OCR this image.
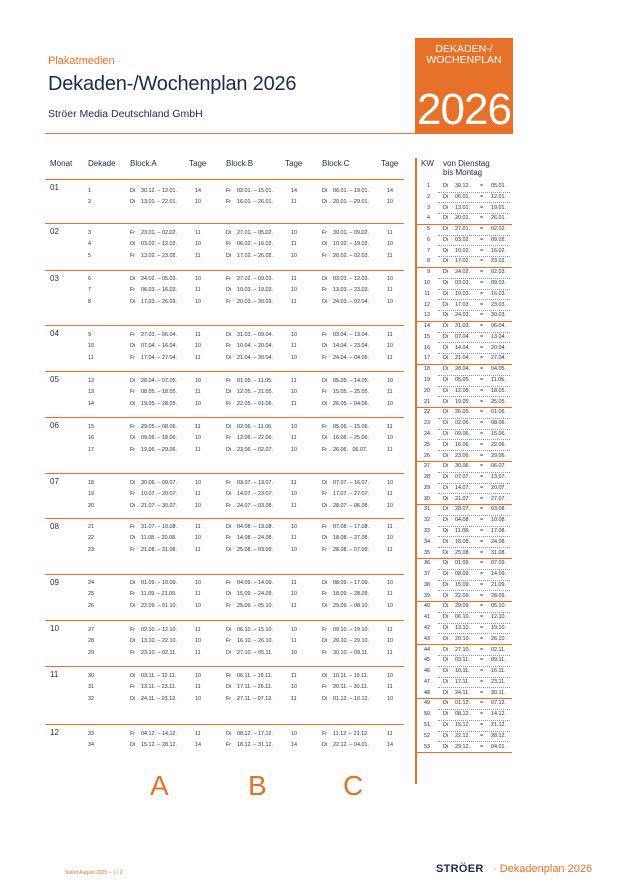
Plakatmedien
Dekaden-/Wochenplan 2026
Ströer Media Deutschland GmbH
DEKADEN-/
WOCHENPLAN
2026
Monat Dekade Block A	Tage Block B	Tage Block C	Tage	KW von Dienstag
bis Montag
01	1	Di 30.12. – 12.01.	14	Fr 02.01. – 15.01.	14	Di 06.01. – 19.01.	14
2	Di 13.01. – 22.01.	10	Fr 16.01. – 26.01.	11	Di 20.01. – 29.01.	10
02	3	Fr 23.01. – 02.02.	11	Di 27.01. – 05.02.	10	Fr 30.01. – 09.02.	11
4	Di 03.02. – 12.02.	10	Fr 06.02. – 16.02.	11	Di 10.02. – 19.02.	10
5	Fr 13.02. – 23.02.	11	Di 17.02. – 26.02.	10	Fr 20.02. – 02.03.	11
03	6	Di 24.02. – 05.03.	10	Fr 27.02. – 09.03.	11	Di 03.03. – 12.03.	10
7	Fr 06.03. – 16.03.	11	Di 10.03. – 19.03.	10	Fr 13.03. – 23.03.	11
8	Di 17.03. – 26.03.	10	Fr 20.03. – 30.03.	11	Di 24.03. – 02.04.	10
04	9	Fr 27.03. – 06.04.	11	Di 31.03. – 09.04.	10	Fr 03.04. – 13.04.	11
10	Di 07.04. – 16.04.	10	Fr 10.04. – 20.04.	11	Di 14.04. – 23.04.	10
11	Fr 17.04. – 27.04.	11	Di 21.04. – 30.04.	10	Fr 24.04. – 04.05.	11
05	12	Di 28.04. – 07.05.	10	Fr 01.05. – 11.05.	11	Di 05.05. – 14.05.	10
13	Fr 08.05. – 18.05.	11	Di 12.05. – 21.05.	10	Fr 15.05. – 25.05.	11
14	Di 19.05. – 28.05.	10	Fr 22.05. – 01.06.	11	Di 26.05. – 04.06.	10
06	15	Fr 29.05. – 08.06.	11	Di 02.06. – 11.06.	10	Fr 05.06. – 15.06.	11
16	Di 09.06. – 18.06.	10	Fr 12.06. – 22.06.	11	Di 16.06. – 25.06.	10
17	Fr 19.06. – 29.06.	11	Di 23.06. – 02.07.	10	Fr 26.06.   06.07.	11
07	18	Di 30.06. – 09.07.	10	Fr 03.07. – 13.07.	11	Di 07.07. – 16.07.	10
19	Fr 10.07. – 20.07.	11	Di 14.07. – 23.07.	10	Fr 17.07. – 27.07.	11
20	Di 21.07. – 30.07.	10	Fr 24.07. – 03.08.	11	Di 28.07. – 06.08.	10
08	21	Fr 31.07. – 10.08.	11	Di 04.08. – 13.08.	10	Fr 07.08. – 17.08.	11
22	Di 11.08. – 20.08.	10	Fr 14.08. – 24.08.	11	Di 18.08. – 27.08.	10
23	Fr 21.08. – 31.08.	11	Di 25.08. – 03.09.	10	Fr 28.08. – 07.09.	11
09	24	Di 01.09. – 10.09.	10	Fr 04.09. – 14.09.	11	Di 08.09. – 17.09.	10
25	Fr 11.09. – 21.09.	11	Di 15.09. – 24.09.	10	Fr 18.09. – 28.09.	11
26	Di 22.09. – 01.10.	10	Fr 25.09. – 05.10.	11	Di 29.09. – 08.10.	10
10	27	Fr 02.10. – 12.10.	11	Di 06.10. – 15.10.	10	Fr 09.10. – 19.10.	11
28	Di 13.10. – 22.10.	10	Fr 16.10. – 26.10.	11	Di 20.10. – 29.10.	10
29	Fr 23.10. – 02.11.	11	Di 27.10. – 05.11.	10	Fr 30.10. – 09.11.	11
11	30	Di 03.11. – 12.11.	10	Fr 06.11. – 16.11.	11	Di 10.11. – 19.11.	10
31	Fr 13.11. – 23.11.	11	Di 17.11. – 26.11.	10	Fr 20.11. – 30.11.	11
32	Di 24.11. – 03.12.	10	Fr 27.11. – 07.12.	11	Di 01.12. – 10.12.	10
12	33	Fr 04.12. – 14.12.	11	Di 08.12. – 17.12.	10	Fr 11.12. – 21.12.	11
34	Di 15.12. – 28.12.	14	Fr 18.12. – 31.12.	14	Di 22.12. – 04.01.	14
1 Di 30.12. = 05.01.
2 Di 06.01. = 12.01.
3 Di 13.01. = 19.01.
4 Di 20.01. = 26.01.
5 Di 27.01. = 02.02.
6 Di 03.02. = 09.02.
7 Di 10.02. = 16.02.
8 Di 17.02. = 23.02.
9 Di 24.02. = 02.03.
10 Di 03.03. = 09.03.
11 Di 10.03. = 16.03.
12 Di 17.03. = 23.03.
13 Di 24.03. = 30.03.
14 Di 31.03. = 06.04.
15 Di 07.04. = 13.04.
16 Di 14.04. = 20.04.
17 Di 21.04. = 27.04.
18 Di 28.04. = 04.05.
19 Di 05.05. = 11.05.
20 Di 12.05. = 18.05.
21 Di 19.05. = 25.05.
22 Di 26.05. = 01.06.
23 Di 02.06. = 08.06.
24 Di 09.06. = 15.06.
25 Di 16.06. = 22.06.
26 Di 23.06. = 29.06.
27 Di 30.06. = 06.07.
28 Di 07.07. = 13.07.
29 Di 14.07. = 20.07.
30 Di 21.07. = 27.07.
31 Di 28.07. = 03.08.
32 Di 04.08. = 10.08.
33 Di 11.08. = 17.08.
34 Di 18.08. = 24.08.
35 Di 25.08. = 31.08.
36 Di 01.09. = 07.09.
37 Di 08.09. = 14.09.
38 Di 15.09. = 21.09.
39 Di 22.09. = 28.09.
40 Di 29.09. = 05.10.
41 Di 06.10. = 12.10.
42 Di 13.10. = 19.10.
43 Di 20.10. = 26.10.
44 Di 27.10. = 02.11.
45 Di 03.11. = 09.11.
46 Di 10.11. = 16.11.
47 Di 17.11. = 23.11.
48 Di 24.11. = 30.11.
49 Di 01.12. = 07.12.
50 Di 08.12. = 14.12.
51 Di 15.12. = 21.12.
52 Di 22.12. = 28.12.
53 Di 29.12. = 04.01.
A	B	C
Stand August 2025 – 1 / 2	STRÖER · Dekadenplan 2026
